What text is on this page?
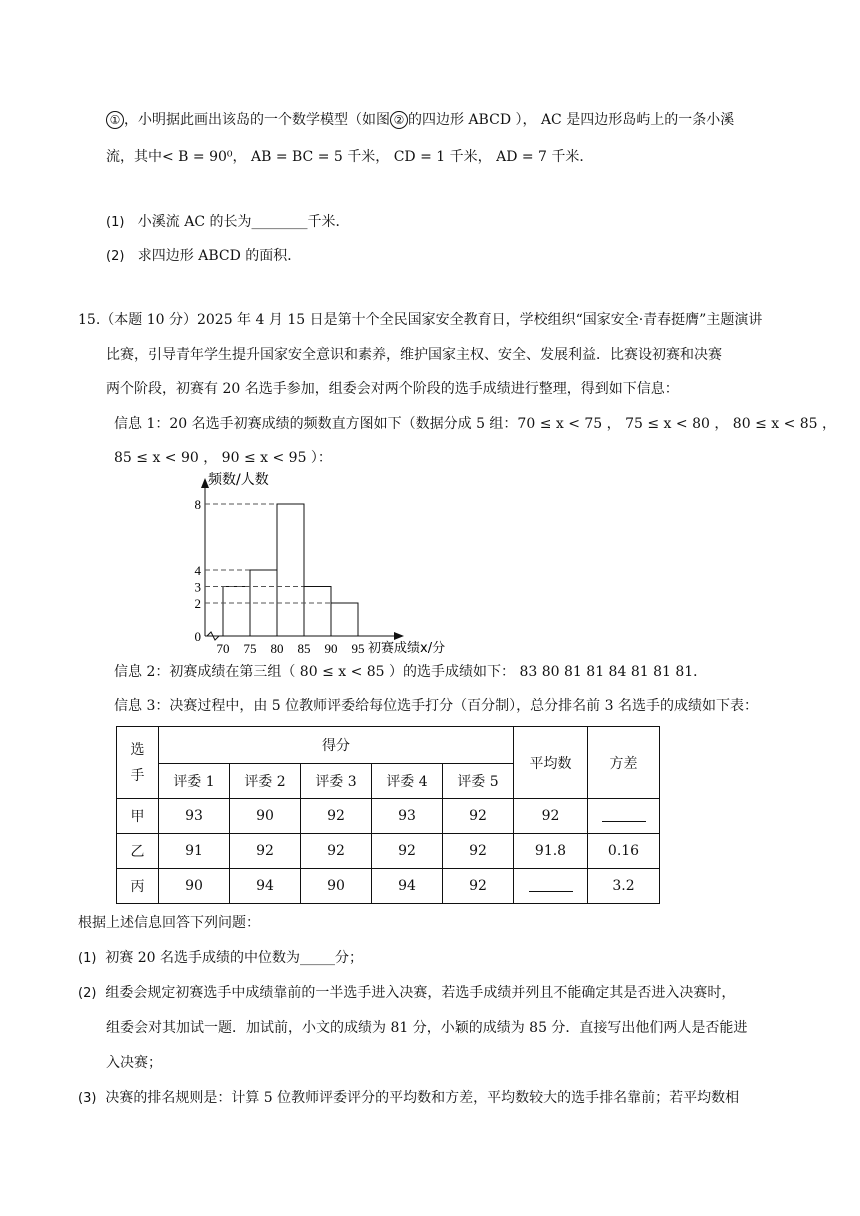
① ，小明据此画出该岛的一个数学模型（如图 ② 的四边形 ABCD ）， AC 是四边形岛屿上的一条小溪
流，其中< B = 90⁰， AB = BC = 5 千米， CD = 1 千米， AD = 7 千米．
(1) 小溪流 AC 的长为________千米．
(2) 求四边形 ABCD 的面积．
15.（本题 10 分）2025 年 4 月 15 日是第十个全民国家安全教育日，学校组织“国家安全·青春挺膺”主题演讲
比赛，引导青年学生提升国家安全意识和素养，维护国家主权、安全、发展利益．比赛设初赛和决赛
两个阶段，初赛有 20 名选手参加，组委会对两个阶段的选手成绩进行整理，得到如下信息：
信息 1：20 名选手初赛成绩的频数直方图如下（数据分成 5 组：70 ≤ x < 75 ， 75 ≤ x < 80 ， 80 ≤ x < 85 ，
85 ≤ x < 90 ， 90 ≤ x < 95 ）：
频数/人数
初赛成绩x/分
0
2
3
4
8
70 75 80 85 90 95
信息 2：初赛成绩在第三组（ 80 ≤ x < 85 ）的选手成绩如下： 83 80 81 81 84 81 81 81．
信息 3：决赛过程中，由 5 位教师评委给每位选手打分（百分制），总分排名前 3 名选手的成绩如下表：
选
手	得分					平均数	方差
	评委 1	评委 2	评委 3	评委 4	评委 5		
甲	93	90	92	93	92	92	
乙	91	92	92	92	92	91.8	0.16
丙	90	94	90	94	92		3.2
根据上述信息回答下列问题：
(1) 初赛 20 名选手成绩的中位数为_____分；
(2) 组委会规定初赛选手中成绩靠前的一半选手进入决赛，若选手成绩并列且不能确定其是否进入决赛时，
组委会对其加试一题．加试前，小文的成绩为 81 分，小颖的成绩为 85 分．直接写出他们两人是否能进
入决赛；
(3) 决赛的排名规则是：计算 5 位教师评委评分的平均数和方差，平均数较大的选手排名靠前；若平均数相
